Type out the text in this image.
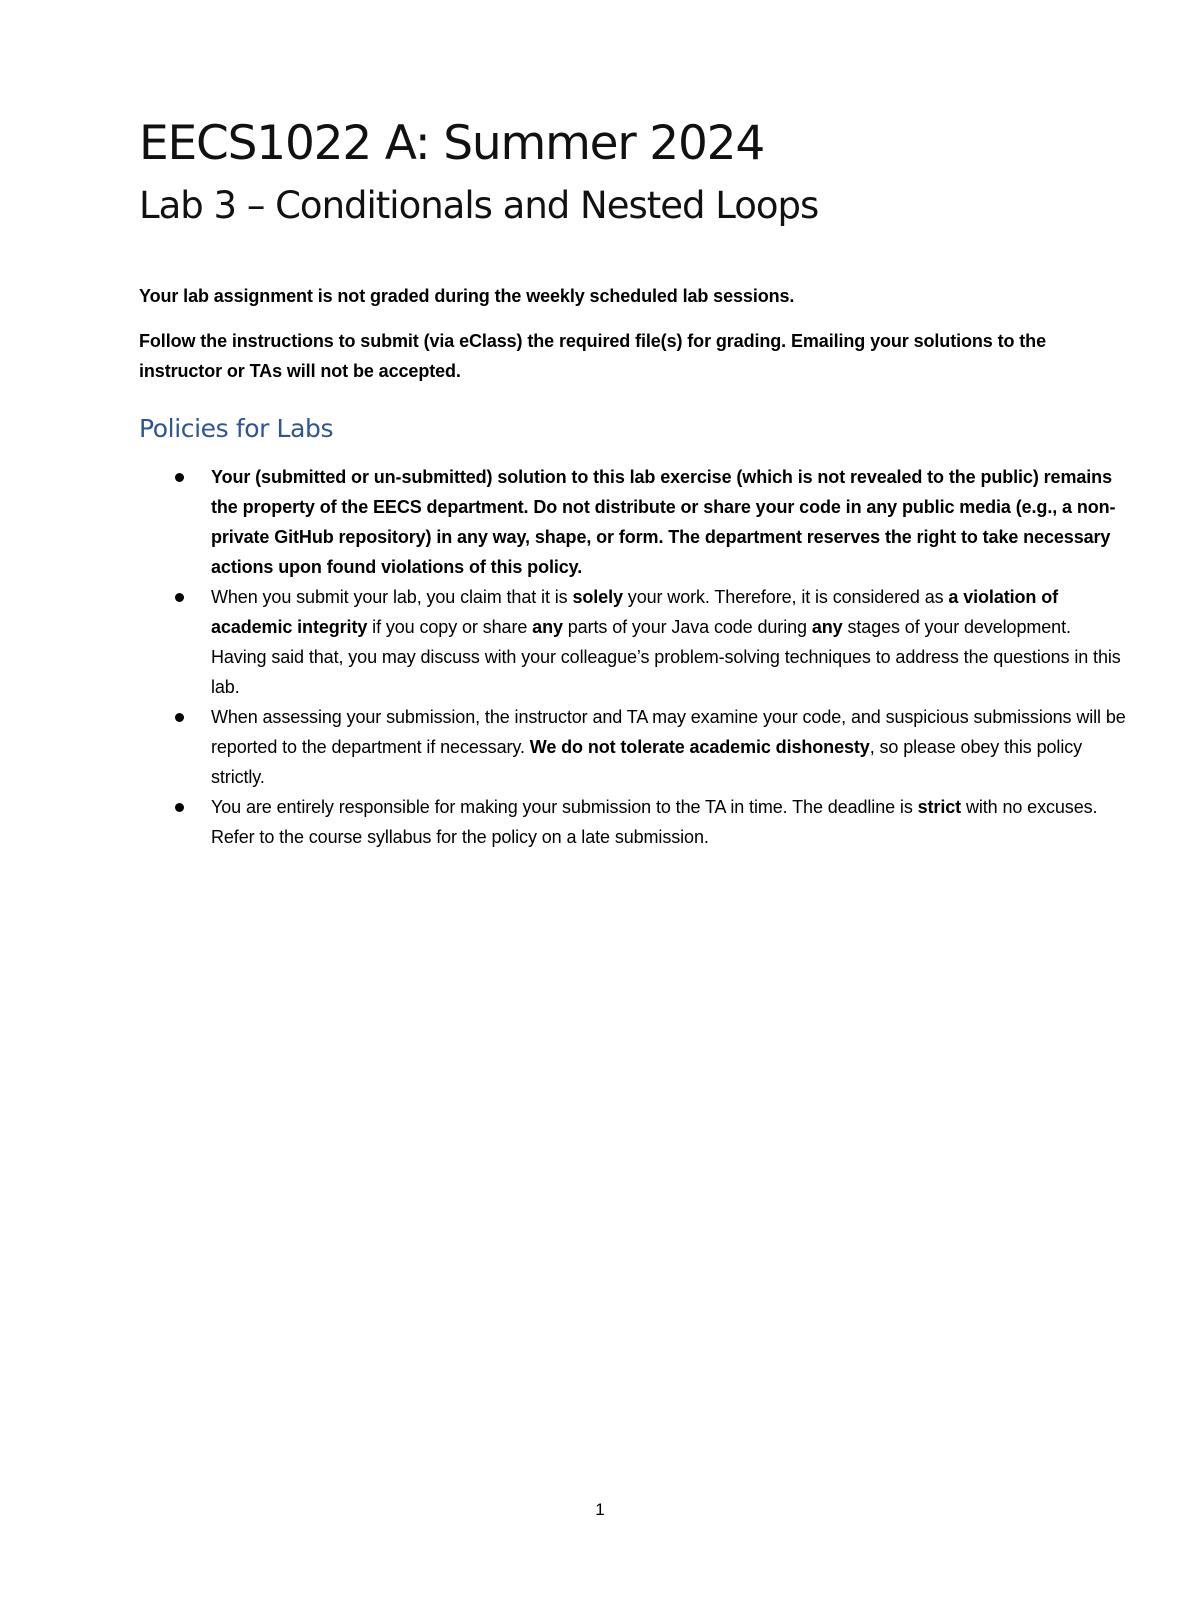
EECS1022 A: Summer 2024
Lab 3 – Conditionals and Nested Loops

Your lab assignment is not graded during the weekly scheduled lab sessions.

Follow the instructions to submit (via eClass) the required file(s) for grading. Emailing your solutions to the instructor or TAs will not be accepted.

Policies for Labs
Your (submitted or un-submitted) solution to this lab exercise (which is not revealed to the public) remains the property of the EECS department. Do not distribute or share your code in any public media (e.g., a non-private GitHub repository) in any way, shape, or form. The department reserves the right to take necessary actions upon found violations of this policy.
When you submit your lab, you claim that it is solely your work. Therefore, it is considered as a violation of academic integrity if you copy or share any parts of your Java code during any stages of your development. Having said that, you may discuss with your colleague’s problem-solving techniques to address the questions in this lab.
When assessing your submission, the instructor and TA may examine your code, and suspicious submissions will be reported to the department if necessary. We do not tolerate academic dishonesty, so please obey this policy strictly.
You are entirely responsible for making your submission to the TA in time. The deadline is strict with no excuses. Refer to the course syllabus for the policy on a late submission.
1
